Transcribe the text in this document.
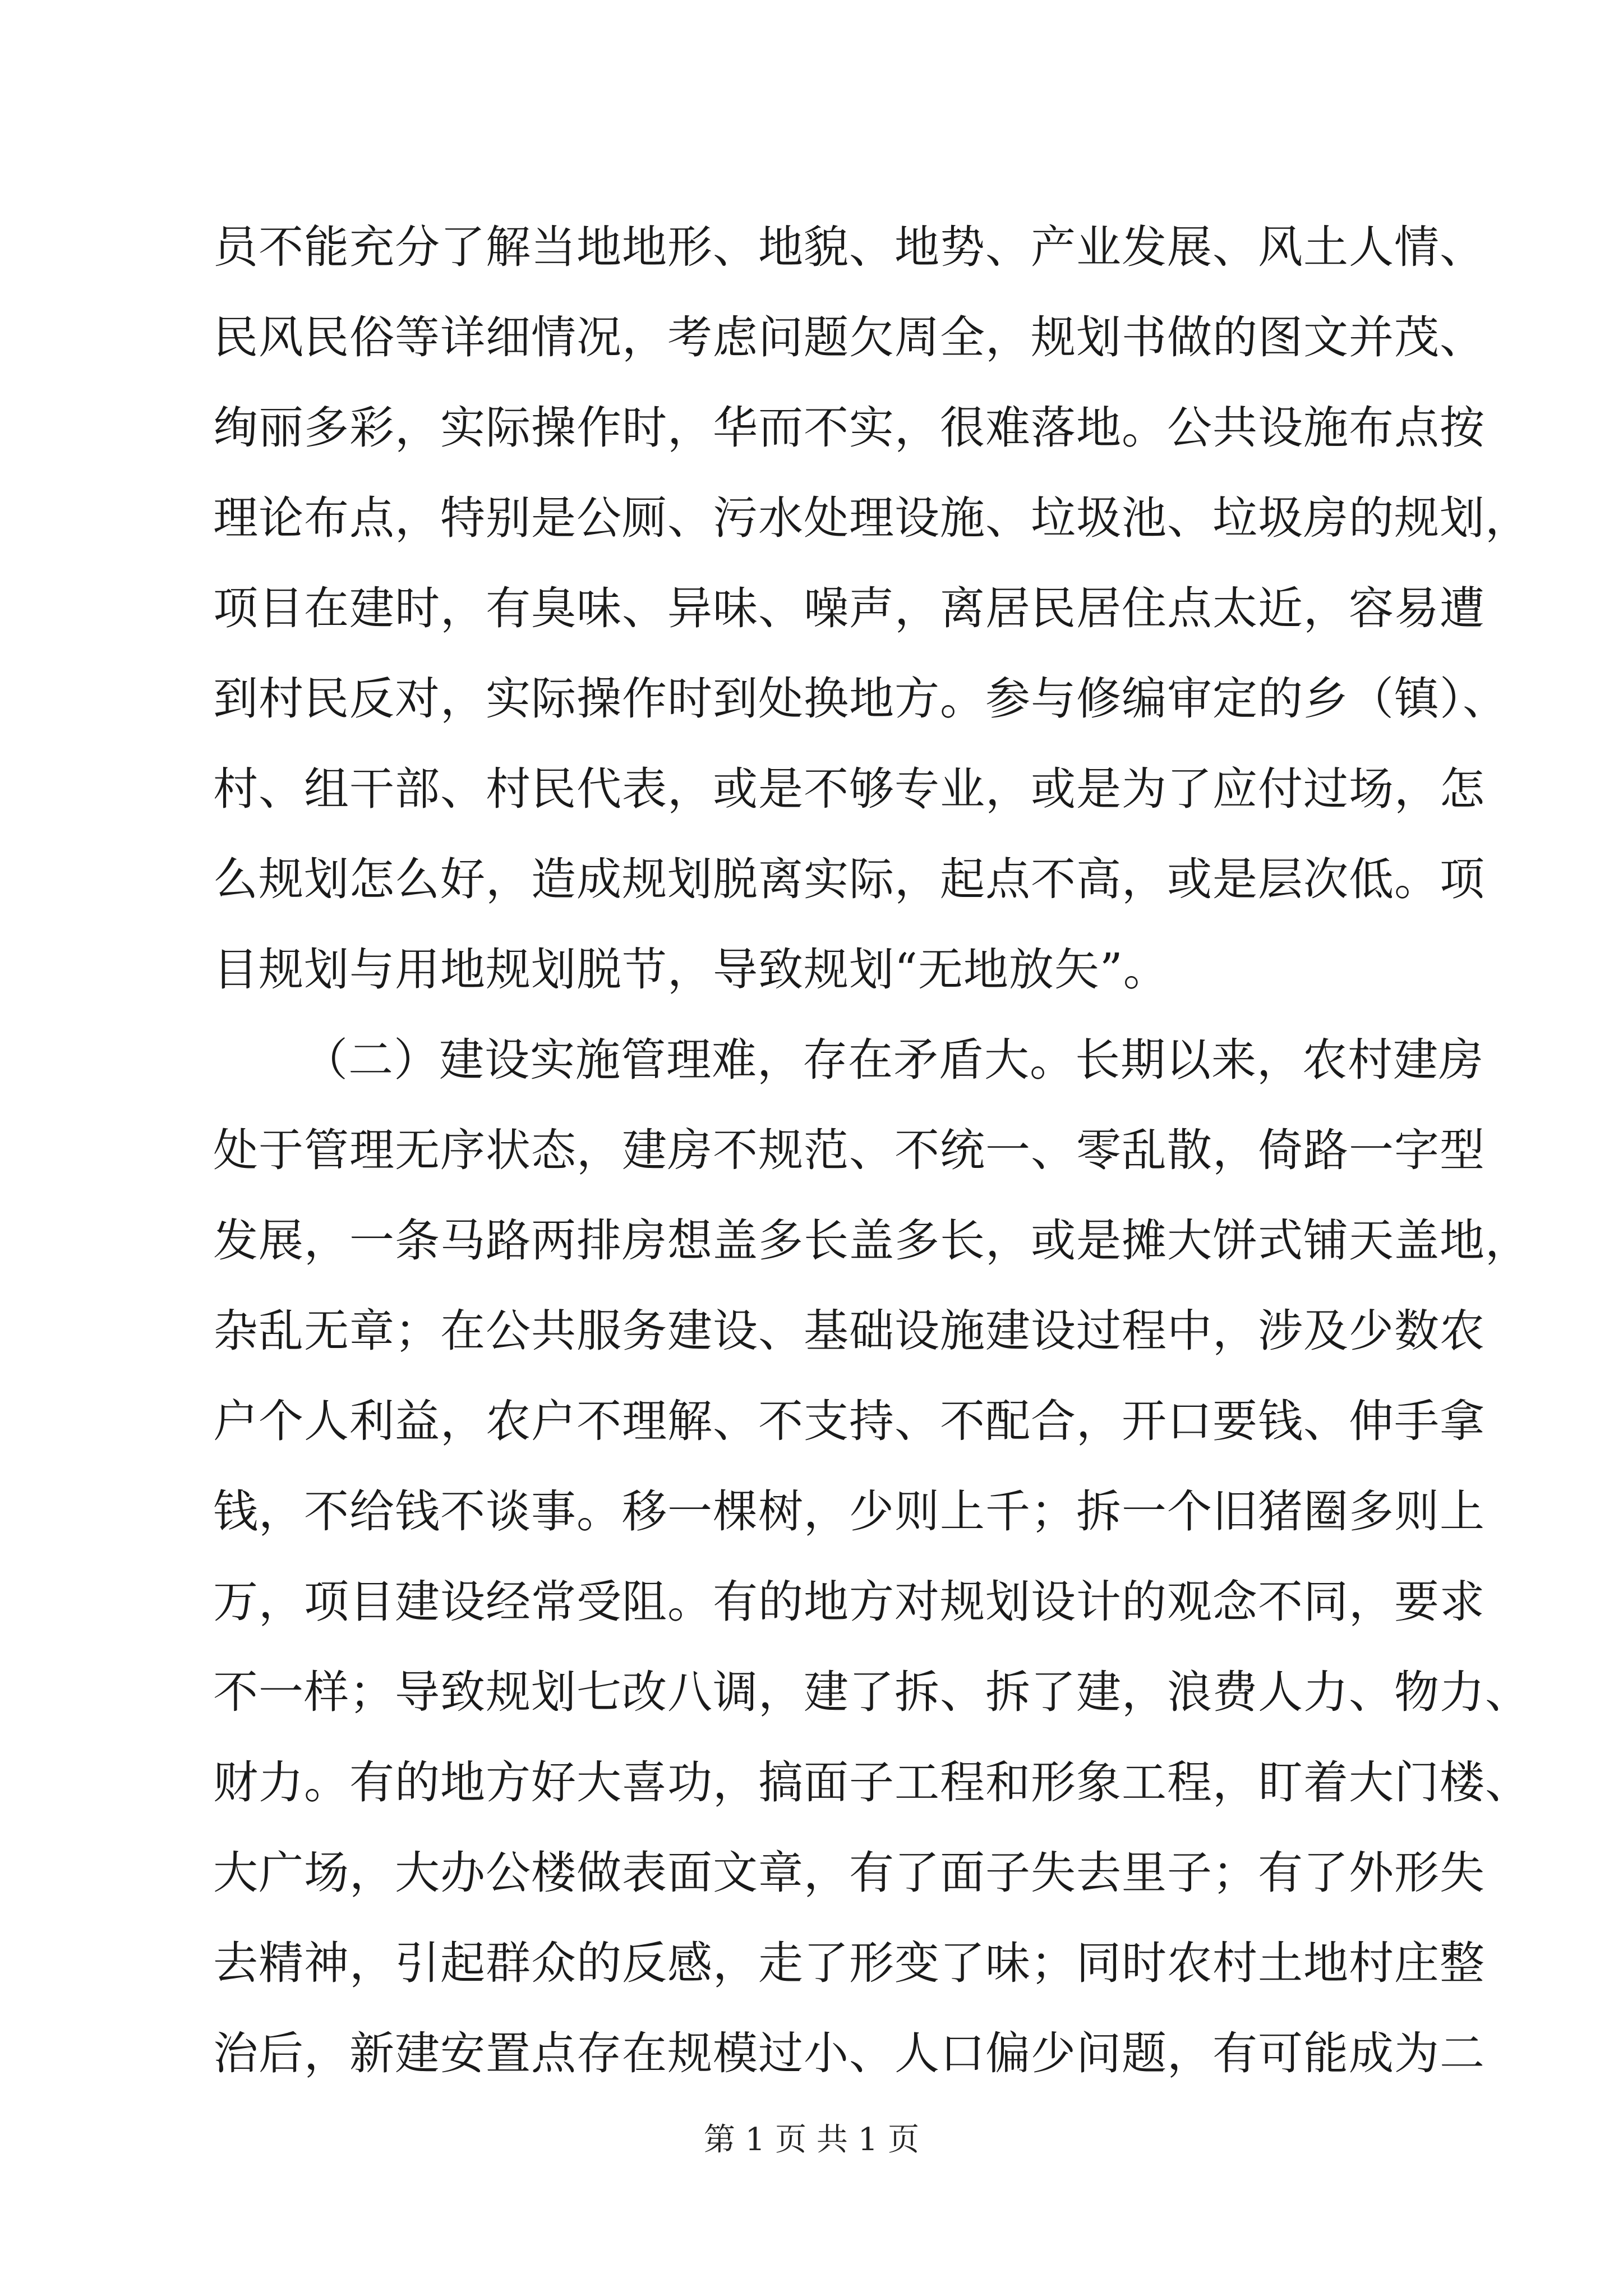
员不能充分了解当地地形、地貌、地势、产业发展、风土人情、
民风民俗等详细情况，考虑问题欠周全，规划书做的图文并茂、
绚丽多彩，实际操作时，华而不实，很难落地。公共设施布点按
理论布点，特别是公厕、污水处理设施、垃圾池、垃圾房的规划，
项目在建时，有臭味、异味、噪声，离居民居住点太近，容易遭
到村民反对，实际操作时到处换地方。参与修编审定的乡（镇）、
村、组干部、村民代表，或是不够专业，或是为了应付过场，怎
么规划怎么好，造成规划脱离实际，起点不高，或是层次低。项
目规划与用地规划脱节，导致规划“无地放矢”。
（二）建设实施管理难，存在矛盾大。长期以来，农村建房
处于管理无序状态，建房不规范、不统一、零乱散，倚路一字型
发展，一条马路两排房想盖多长盖多长，或是摊大饼式铺天盖地，
杂乱无章；在公共服务建设、基础设施建设过程中，涉及少数农
户个人利益，农户不理解、不支持、不配合，开口要钱、伸手拿
钱，不给钱不谈事。移一棵树，少则上千；拆一个旧猪圈多则上
万，项目建设经常受阻。有的地方对规划设计的观念不同，要求
不一样；导致规划七改八调，建了拆、拆了建，浪费人力、物力、
财力。有的地方好大喜功，搞面子工程和形象工程，盯着大门楼、
大广场，大办公楼做表面文章，有了面子失去里子；有了外形失
去精神，引起群众的反感，走了形变了味；同时农村土地村庄整
治后，新建安置点存在规模过小、人口偏少问题，有可能成为二
第 1 页 共 1 页
